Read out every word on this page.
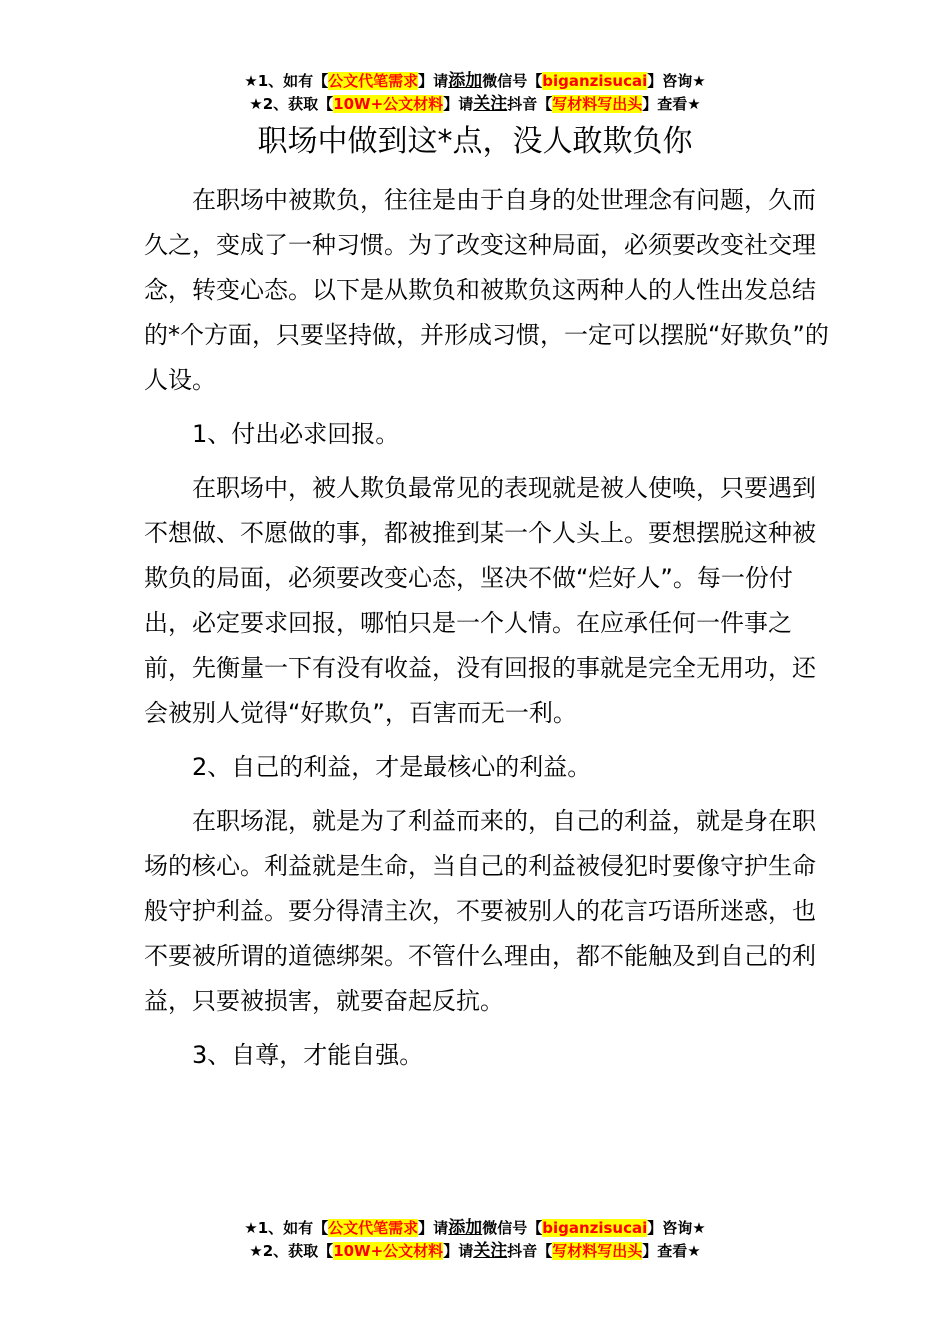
★1、如有【公文代笔需求】请添加微信号【biganzisucai】咨询★
★2、获取【10W+公文材料】请关注抖音【写材料写出头】查看★
职场中做到这*点，没人敢欺负你

在职场中被欺负，往往是由于自身的处世理念有问题，久而久之，变成了一种习惯。为了改变这种局面，必须要改变社交理念，转变心态。以下是从欺负和被欺负这两种人的人性出发总结的*个方面，只要坚持做，并形成习惯，一定可以摆脱“好欺负”的人设。

1、付出必求回报。

在职场中，被人欺负最常见的表现就是被人使唤，只要遇到不想做、不愿做的事，都被推到某一个人头上。要想摆脱这种被欺负的局面，必须要改变心态，坚决不做“烂好人”。每一份付出，必定要求回报，哪怕只是一个人情。在应承任何一件事之前，先衡量一下有没有收益，没有回报的事就是完全无用功，还会被别人觉得“好欺负”，百害而无一利。

2、自己的利益，才是最核心的利益。

在职场混，就是为了利益而来的，自己的利益，就是身在职场的核心。利益就是生命，当自己的利益被侵犯时要像守护生命般守护利益。要分得清主次，不要被别人的花言巧语所迷惑，也不要被所谓的道德绑架。不管什么理由，都不能触及到自己的利益，只要被损害，就要奋起反抗。

3、自尊，才能自强。

★1、如有【公文代笔需求】请添加微信号【biganzisucai】咨询★
★2、获取【10W+公文材料】请关注抖音【写材料写出头】查看★
